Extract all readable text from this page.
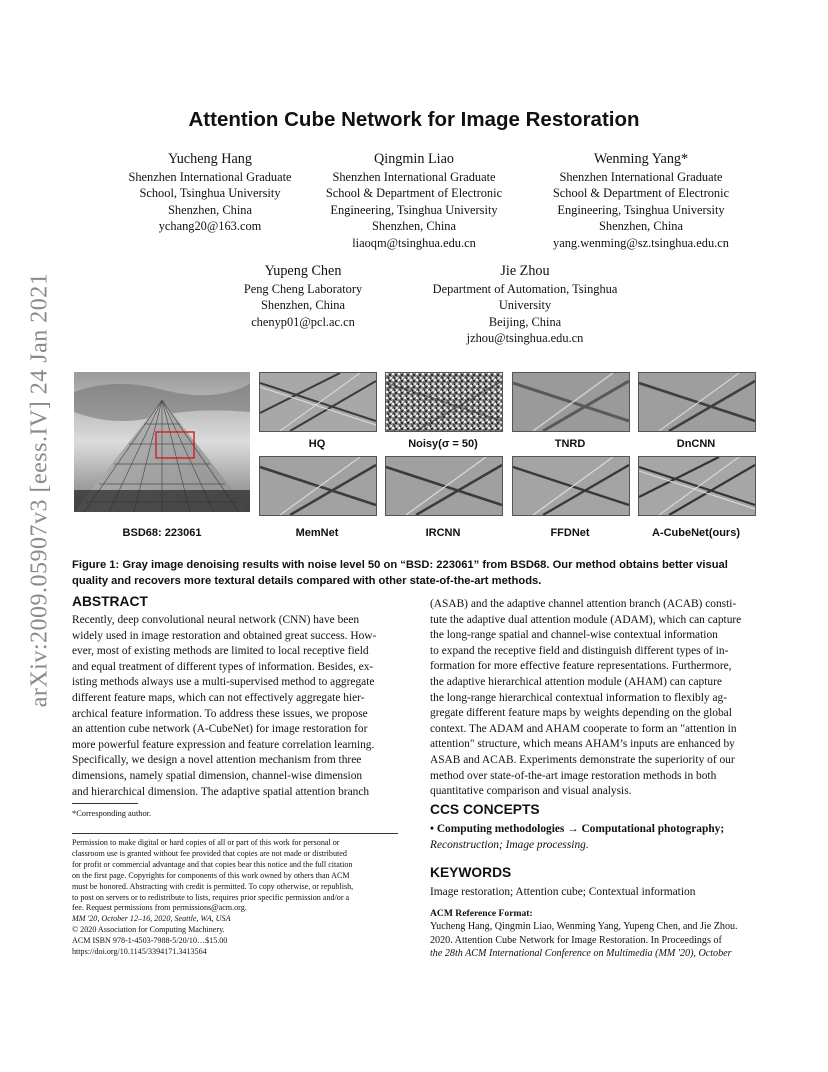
arXiv:2009.05907v3 [eess.IV] 24 Jan 2021
Attention Cube Network for Image Restoration
Yucheng Hang
Shenzhen International Graduate
School, Tsinghua University
Shenzhen, China
ychang20@163.com
Qingmin Liao
Shenzhen International Graduate
School & Department of Electronic
Engineering, Tsinghua University
Shenzhen, China
liaoqm@tsinghua.edu.cn
Wenming Yang*
Shenzhen International Graduate
School & Department of Electronic
Engineering, Tsinghua University
Shenzhen, China
yang.wenming@sz.tsinghua.edu.cn
Yupeng Chen
Peng Cheng Laboratory
Shenzhen, China
chenyp01@pcl.ac.cn
Jie Zhou
Department of Automation, Tsinghua
University
Beijing, China
jzhou@tsinghua.edu.cn
BSD68: 223061
HQ	Noisy(σ = 50)	TNRD	DnCNN
MemNet	IRCNN	FFDNet	A-CubeNet(ours)
Figure 1: Gray image denoising results with noise level 50 on “BSD: 223061” from BSD68. Our method obtains better visual quality and recovers more textural details compared with other state-of-the-art methods.
ABSTRACT
Recently, deep convolutional neural network (CNN) have been
widely used in image restoration and obtained great success. How-
ever, most of existing methods are limited to local receptive field
and equal treatment of different types of information. Besides, ex-
isting methods always use a multi-supervised method to aggregate
different feature maps, which can not effectively aggregate hier-
archical feature information. To address these issues, we propose
an attention cube network (A-CubeNet) for image restoration for
more powerful feature expression and feature correlation learning.
Specifically, we design a novel attention mechanism from three
dimensions, namely spatial dimension, channel-wise dimension
and hierarchical dimension. The adaptive spatial attention branch
*Corresponding author.
Permission to make digital or hard copies of all or part of this work for personal or
classroom use is granted without fee provided that copies are not made or distributed
for profit or commercial advantage and that copies bear this notice and the full citation
on the first page. Copyrights for components of this work owned by others than ACM
must be honored. Abstracting with credit is permitted. To copy otherwise, or republish,
to post on servers or to redistribute to lists, requires prior specific permission and/or a
fee. Request permissions from permissions@acm.org.
MM '20, October 12–16, 2020, Seattle, WA, USA
© 2020 Association for Computing Machinery.
ACM ISBN 978-1-4503-7988-5/20/10…$15.00
https://doi.org/10.1145/3394171.3413564
(ASAB) and the adaptive channel attention branch (ACAB) consti-
tute the adaptive dual attention module (ADAM), which can capture
the long-range spatial and channel-wise contextual information
to expand the receptive field and distinguish different types of in-
formation for more effective feature representations. Furthermore,
the adaptive hierarchical attention module (AHAM) can capture
the long-range hierarchical contextual information to flexibly ag-
gregate different feature maps by weights depending on the global
context. The ADAM and AHAM cooperate to form an "attention in
attention" structure, which means AHAM’s inputs are enhanced by
ASAB and ACAB. Experiments demonstrate the superiority of our
method over state-of-the-art image restoration methods in both
quantitative comparison and visual analysis.
CCS CONCEPTS
• Computing methodologies → Computational photography;
Reconstruction; Image processing.
KEYWORDS
Image restoration; Attention cube; Contextual information
ACM Reference Format:
Yucheng Hang, Qingmin Liao, Wenming Yang, Yupeng Chen, and Jie Zhou.
2020. Attention Cube Network for Image Restoration. In Proceedings of
the 28th ACM International Conference on Multimedia (MM '20), October
